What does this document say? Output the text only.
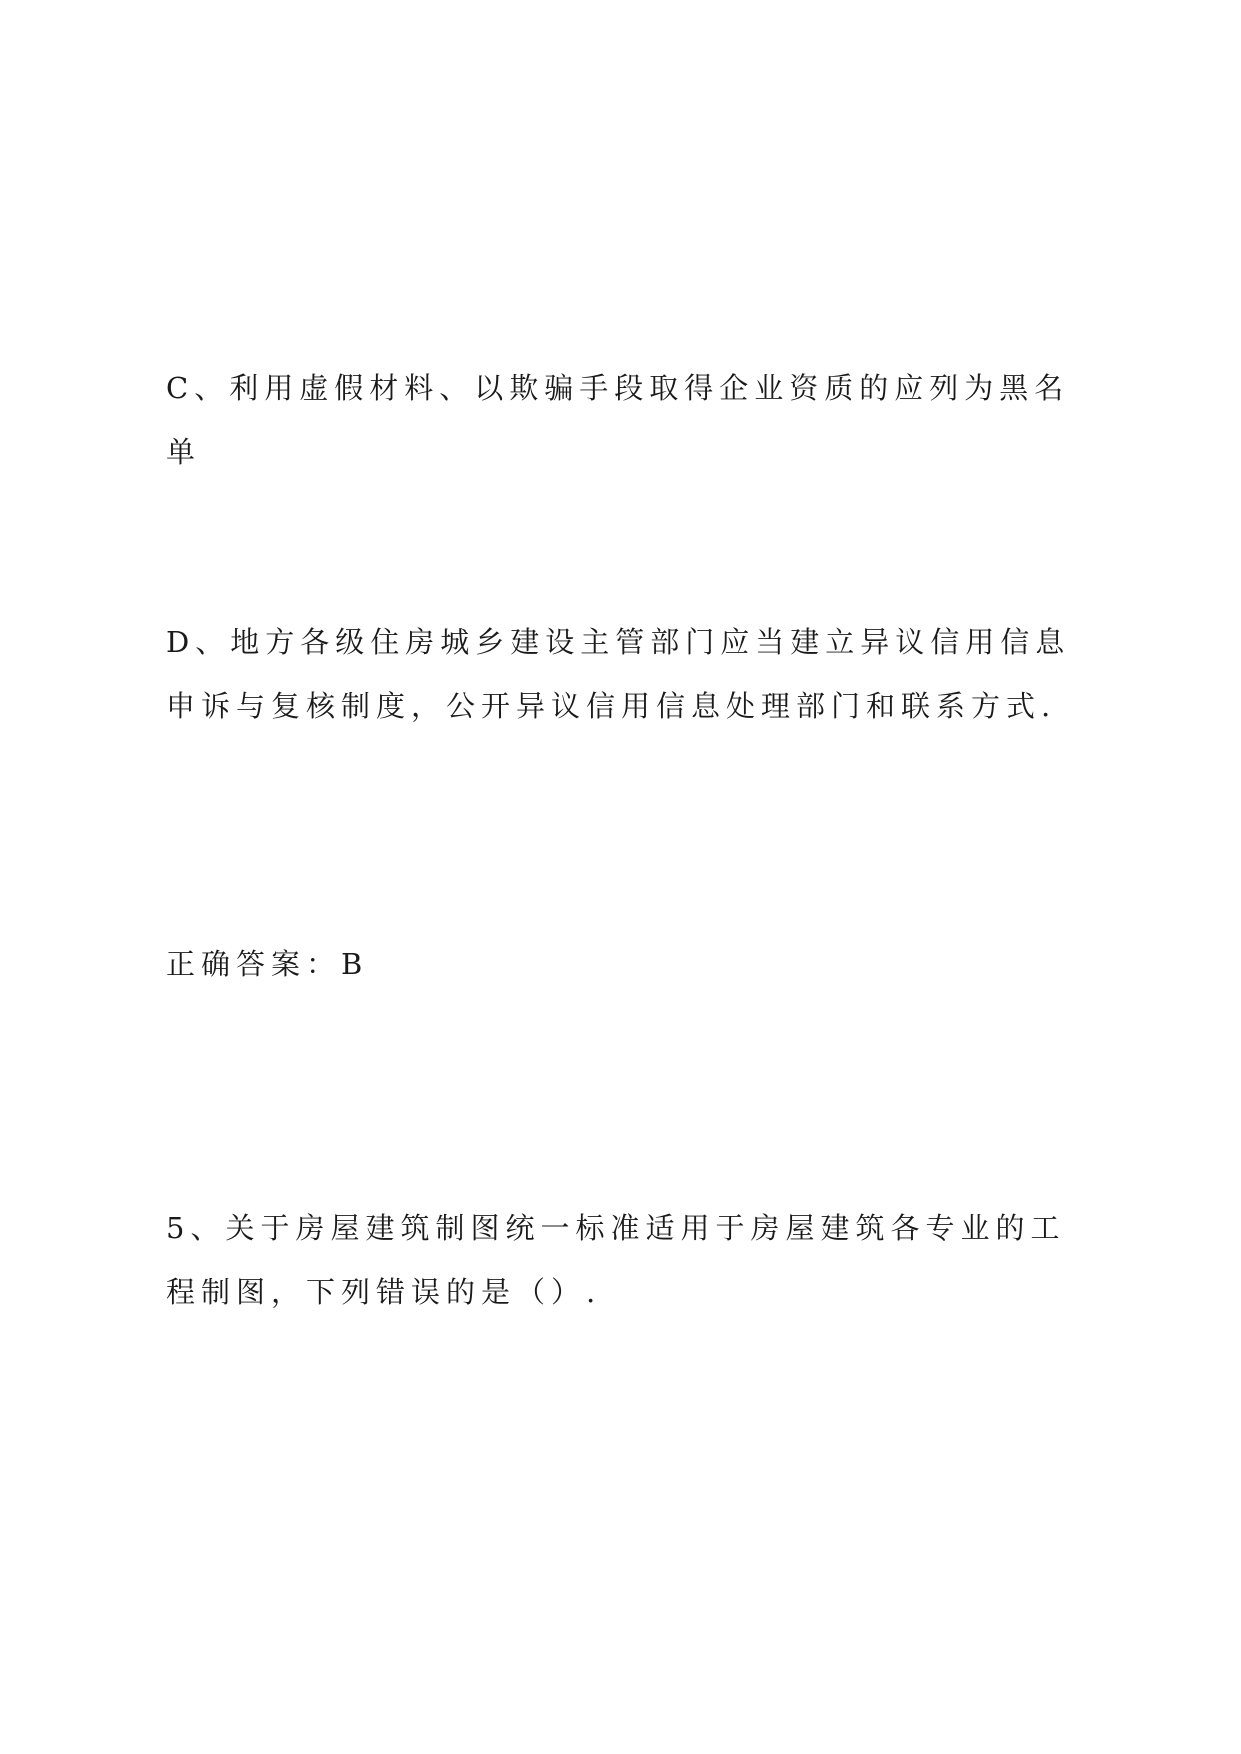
C、利用虚假材料、以欺骗手段取得企业资质的应列为黑名单

D、地方各级住房城乡建设主管部门应当建立异议信用信息申诉与复核制度，公开异议信用信息处理部门和联系方式.

正确答案：B

5、关于房屋建筑制图统一标准适用于房屋建筑各专业的工程制图，下列错误的是（）.
